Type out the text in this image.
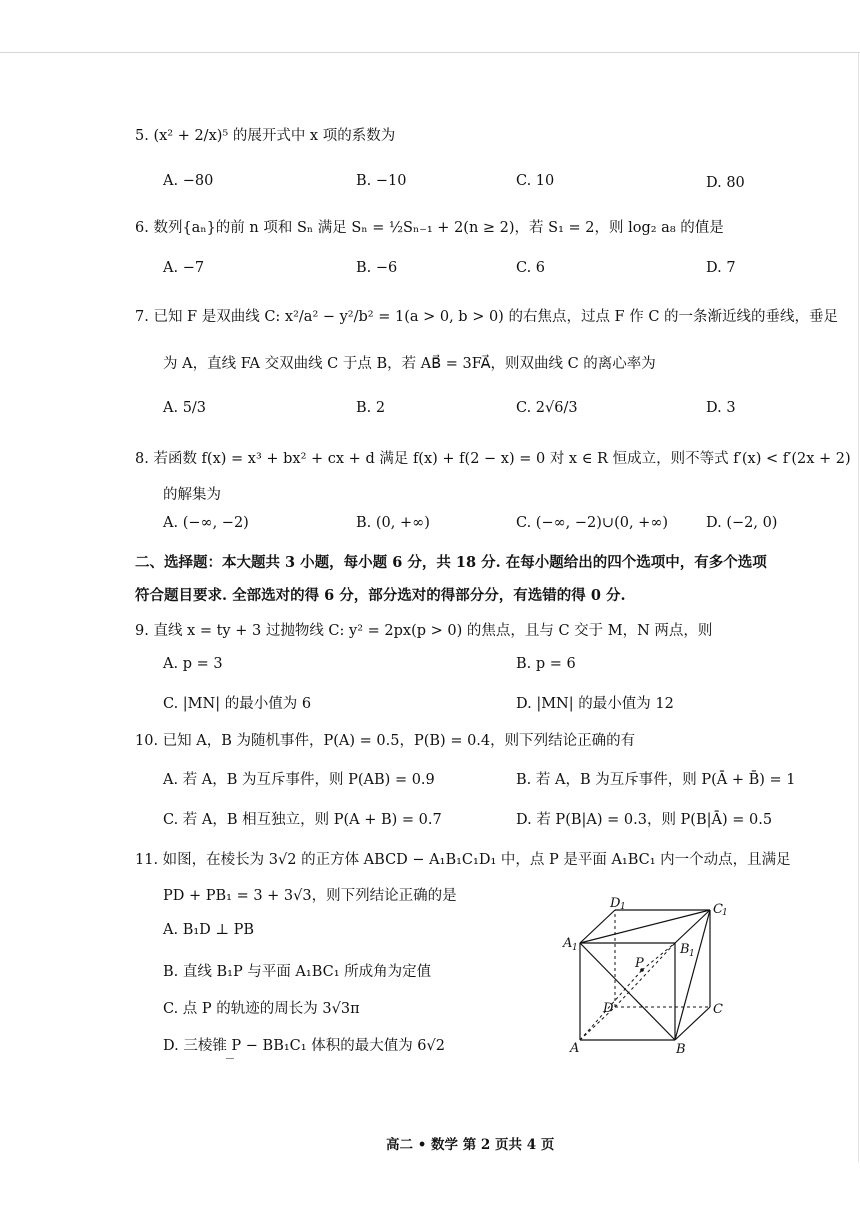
5. (x² + 2/x)⁵ 的展开式中 x 项的系数为
A. −80	B. −10	C. 10	D. 80
6. 数列{aₙ}的前 n 项和 Sₙ 满足 Sₙ = ½Sₙ₋₁ + 2(n ≥ 2)，若 S₁ = 2，则 log₂ a₈ 的值是
A. −7	B. −6	C. 6	D. 7
7. 已知 F 是双曲线 C: x²/a² − y²/b² = 1(a > 0, b > 0) 的右焦点，过点 F 作 C 的一条渐近线的垂线，垂足
为 A，直线 FA 交双曲线 C 于点 B，若 AB⃗ = 3FA⃗，则双曲线 C 的离心率为
A. 5/3	B. 2	C. 2√6/3	D. 3
8. 若函数 f(x) = x³ + bx² + cx + d 满足 f(x) + f(2 − x) = 0 对 x ∈ R 恒成立，则不等式 f′(x) < f′(2x + 2)
的解集为
A. (−∞, −2)	B. (0, +∞)	C. (−∞, −2)∪(0, +∞)	D. (−2, 0)
二、选择题：本大题共 3 小题，每小题 6 分，共 18 分. 在每小题给出的四个选项中，有多个选项
符合题目要求. 全部选对的得 6 分，部分选对的得部分分，有选错的得 0 分.
9. 直线 x = ty + 3 过抛物线 C: y² = 2px(p > 0) 的焦点，且与 C 交于 M，N 两点，则
A. p = 3	B. p = 6
C. |MN| 的最小值为 6	D. |MN| 的最小值为 12
10. 已知 A，B 为随机事件，P(A) = 0.5，P(B) = 0.4，则下列结论正确的有
A. 若 A，B 为互斥事件，则 P(AB) = 0.9	B. 若 A，B 为互斥事件，则 P(Ā + B̄) = 1
C. 若 A，B 相互独立，则 P(A + B) = 0.7	D. 若 P(B|A) = 0.3，则 P(B|Ā) = 0.5
11. 如图，在棱长为 3√2 的正方体 ABCD − A₁B₁C₁D₁ 中，点 P 是平面 A₁BC₁ 内一个动点，且满足
PD + PB₁ = 3 + 3√3，则下列结论正确的是
A. B₁D ⊥ PB
B. 直线 B₁P 与平面 A₁BC₁ 所成角为定值
C. 点 P 的轨迹的周长为 3√3π
D. 三棱锥 P − BB₁C₁ 体积的最大值为 6√2
D 1	C 1
A 1	B 1
P
D	C
A	B
高二 • 数学 第 2 页共 4 页
